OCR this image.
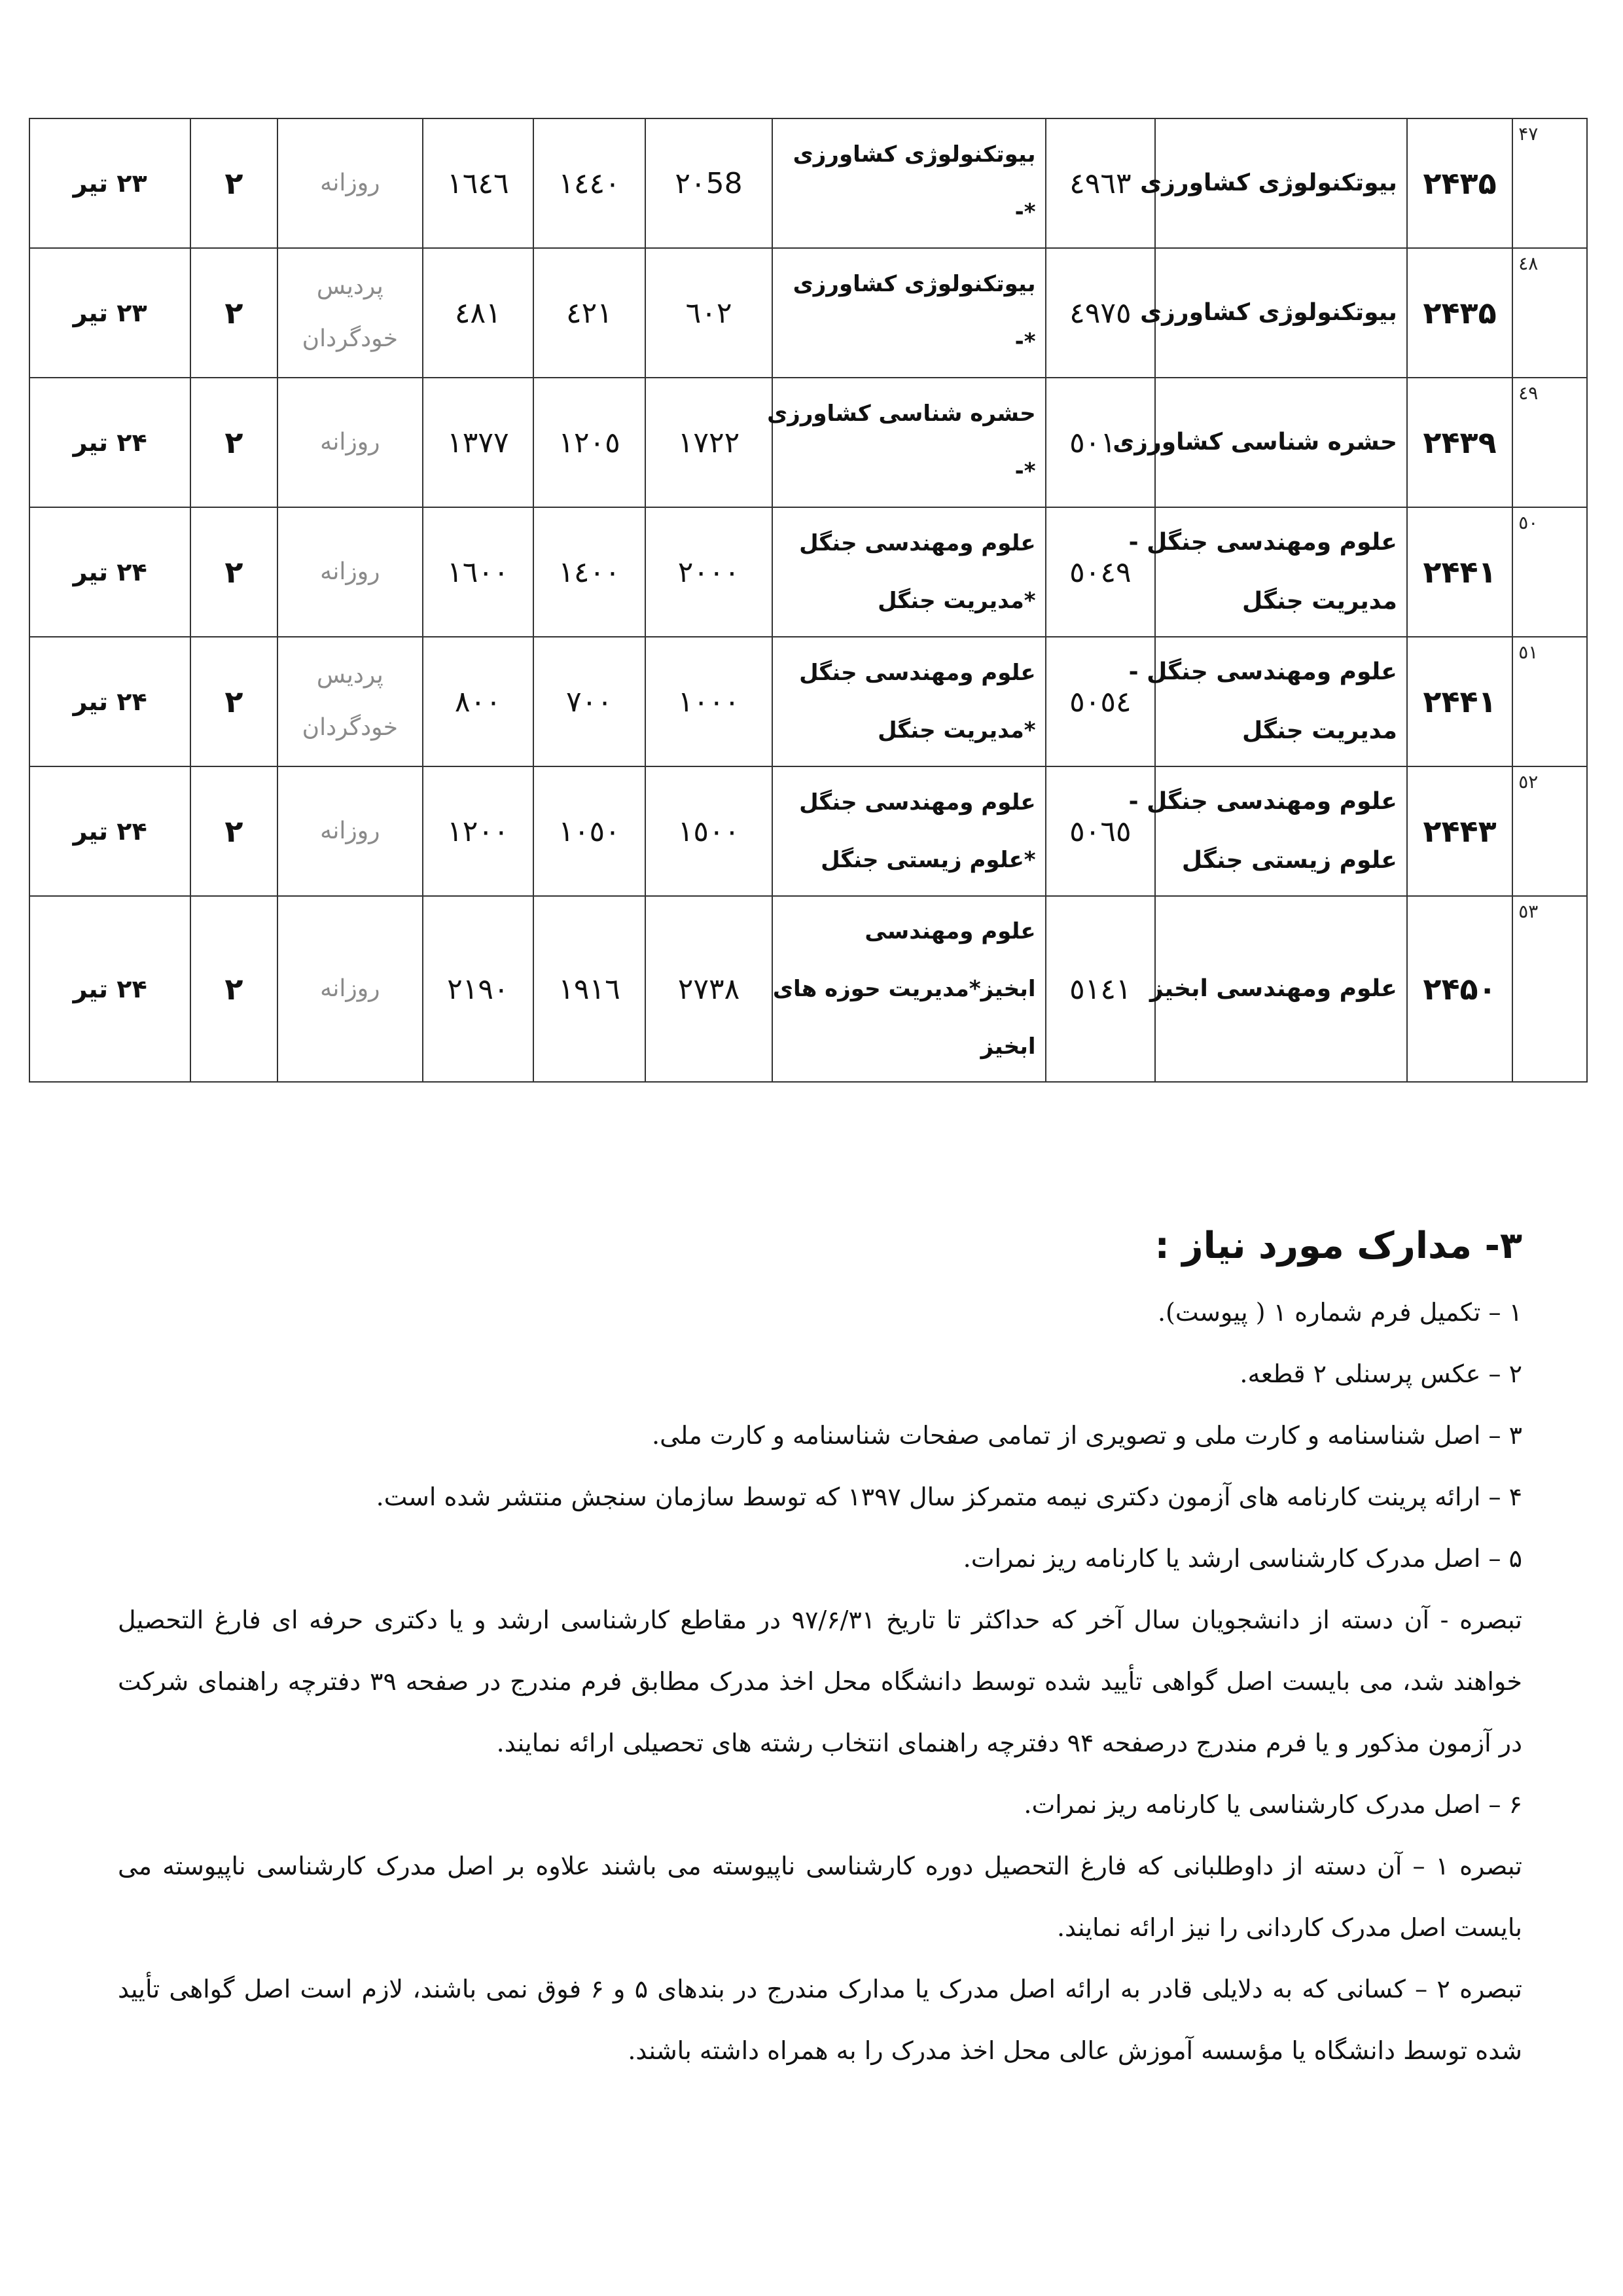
۴۷	۲۴۳۵	بیوتکنولوژی کشاورزی	٤٩٦٣	بیوتکنولوژی کشاورزی
*-	۲۰58	١٤٤٠	١٦٤٦	روزانه	۲	۲۳ تیر
٤٨	۲۴۳۵	بیوتکنولوژی کشاورزی	٤٩٧٥	بیوتکنولوژی کشاورزی
*-	٦٠٢	٤٢١	٤٨١	پردیس
خودگردان	۲	۲۳ تیر
٤٩	۲۴۳۹	حشره شناسی کشاورزی	٥٠١٠	حشره شناسی کشاورزی
*-	١٧٢٢	١٢٠٥	١٣٧٧	روزانه	۲	۲۴ تیر
٥٠	۲۴۴۱	علوم ومهندسی جنگل -
مدیریت جنگل	٥٠٤٩	علوم ومهندسی جنگل
*مدیریت جنگل	٢٠٠٠	١٤٠٠	١٦٠٠	روزانه	۲	۲۴ تیر
٥١	۲۴۴۱	علوم ومهندسی جنگل -
مدیریت جنگل	٥٠٥٤	علوم ومهندسی جنگل
*مدیریت جنگل	١٠٠٠	٧٠٠	٨٠٠	پردیس
خودگردان	۲	۲۴ تیر
٥٢	۲۴۴۳	علوم ومهندسی جنگل -
علوم زیستی جنگل	٥٠٦٥	علوم ومهندسی جنگل
*علوم زیستی جنگل	١٥٠٠	١٠٥٠	١٢٠٠	روزانه	۲	۲۴ تیر
٥٣	۲۴۵۰	علوم ومهندسی ابخیز	٥١٤١	علوم ومهندسی
ابخیز*مدیریت حوزه های
ابخیز	٢٧٣٨	١٩١٦	٢١٩٠	روزانه	۲	۲۴ تیر
۳- مدارک مورد نیاز :
۱ – تکمیل فرم شماره ۱ ( پیوست).
۲ – عکس پرسنلی ۲ قطعه.
۳ – اصل شناسنامه و کارت ملی و تصویری از تمامی صفحات شناسنامه و کارت ملی.
۴ – ارائه پرینت کارنامه های آزمون دکتری نیمه متمرکز سال ۱۳۹۷ که توسط سازمان سنجش منتشر شده است.
۵ – اصل مدرک کارشناسی ارشد یا کارنامه ریز نمرات.
تبصره - آن دسته از دانشجویان سال آخر که حداکثر تا تاریخ ۹۷/۶/۳۱ در مقاطع کارشناسی ارشد و یا دکتری حرفه ای فارغ التحصیل خواهند شد، می بایست اصل گواهی تأیید شده توسط دانشگاه محل اخذ مدرک مطابق فرم مندرج در صفحه ۳۹ دفترچه راهنمای شرکت در آزمون مذکور و یا فرم مندرج درصفحه ۹۴ دفترچه راهنمای انتخاب رشته های تحصیلی ارائه نمایند.
۶ – اصل مدرک کارشناسی یا کارنامه ریز نمرات.
تبصره ۱ – آن دسته از داوطلبانی که فارغ التحصیل دوره کارشناسی ناپیوسته می باشند علاوه بر اصل مدرک کارشناسی ناپیوسته می بایست اصل مدرک کاردانی را نیز ارائه نمایند.
تبصره ۲ – کسانی که به دلایلی قادر به ارائه اصل مدرک یا مدارک مندرج در بندهای ۵ و ۶ فوق نمی باشند، لازم است اصل گواهی تأیید شده توسط دانشگاه یا مؤسسه آموزش عالی محل اخذ مدرک را به همراه داشته باشند.
